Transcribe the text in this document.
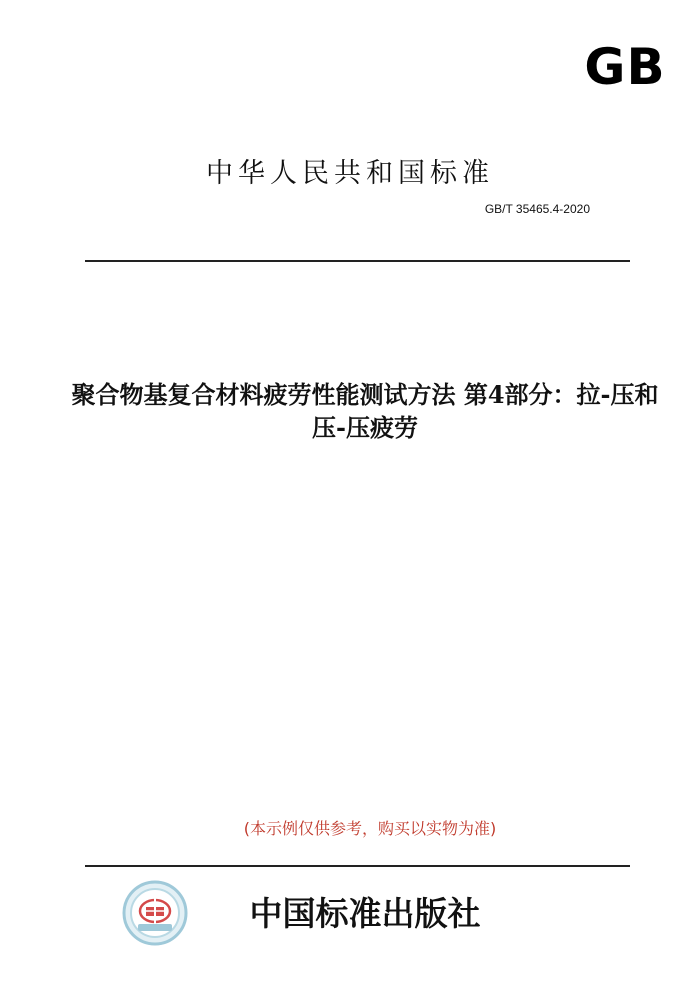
GB
中华人民共和国标准
GB/T 35465.4-2020
聚合物基复合材料疲劳性能测试方法 第4部分：拉-压和压-压疲劳
(本示例仅供参考，购买以实物为准)
中国标准出版社
